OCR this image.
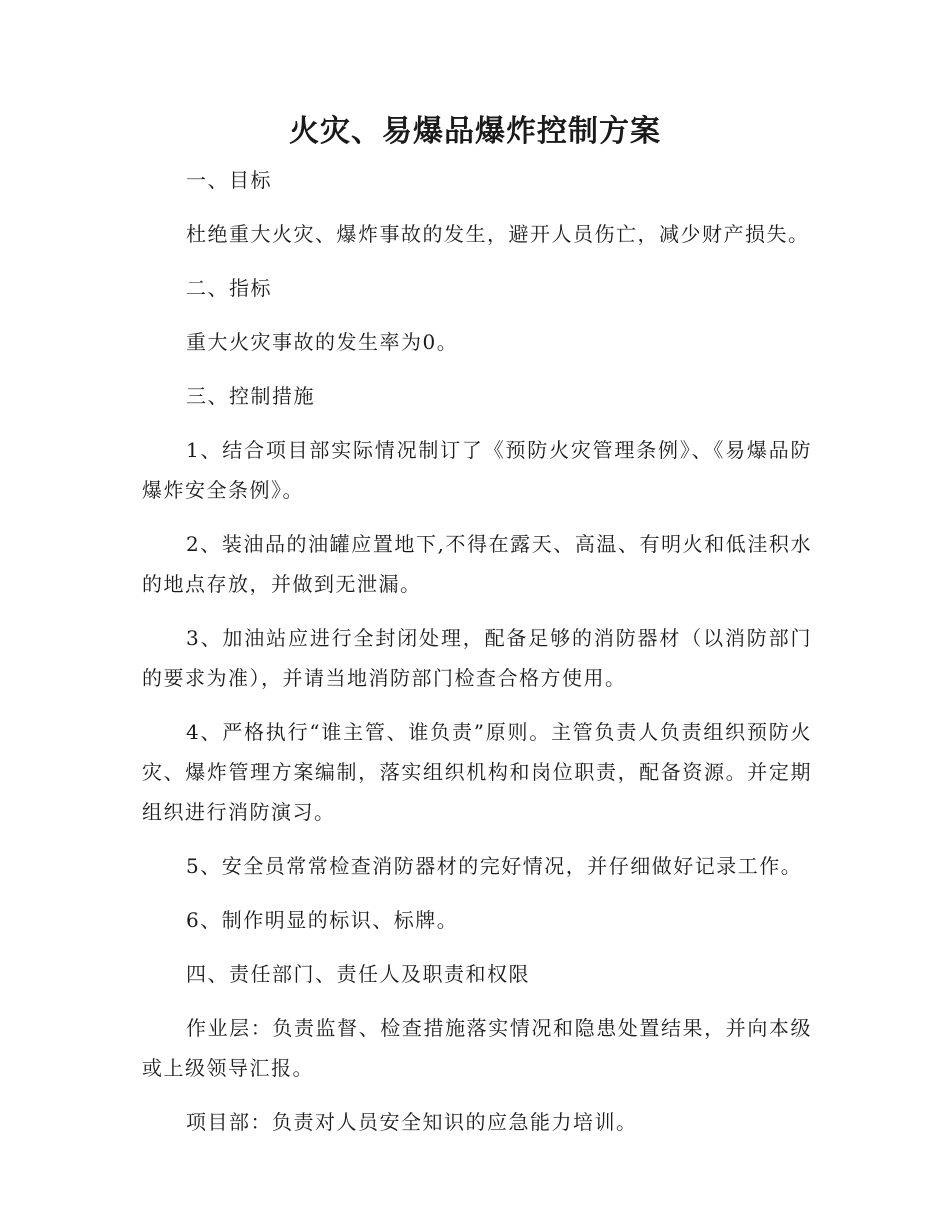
火灾、易爆品爆炸控制方案

一、目标

杜绝重大火灾、爆炸事故的发生，避开人员伤亡，减少财产损失。

二、指标

重大火灾事故的发生率为0。

三、控制措施

1、结合项目部实际情况制订了《预防火灾管理条例》、《易爆品防爆炸安全条例》。

2、装油品的油罐应置地下,不得在露天、高温、有明火和低洼积水的地点存放，并做到无泄漏。

3、加油站应进行全封闭处理，配备足够的消防器材（以消防部门的要求为准），并请当地消防部门检查合格方使用。

4、严格执行“谁主管、谁负责”原则。主管负责人负责组织预防火灾、爆炸管理方案编制，落实组织机构和岗位职责，配备资源。并定期组织进行消防演习。

5、安全员常常检查消防器材的完好情况，并仔细做好记录工作。

6、制作明显的标识、标牌。

四、责任部门、责任人及职责和权限

作业层：负责监督、检查措施落实情况和隐患处置结果，并向本级或上级领导汇报。

项目部：负责对人员安全知识的应急能力培训。
